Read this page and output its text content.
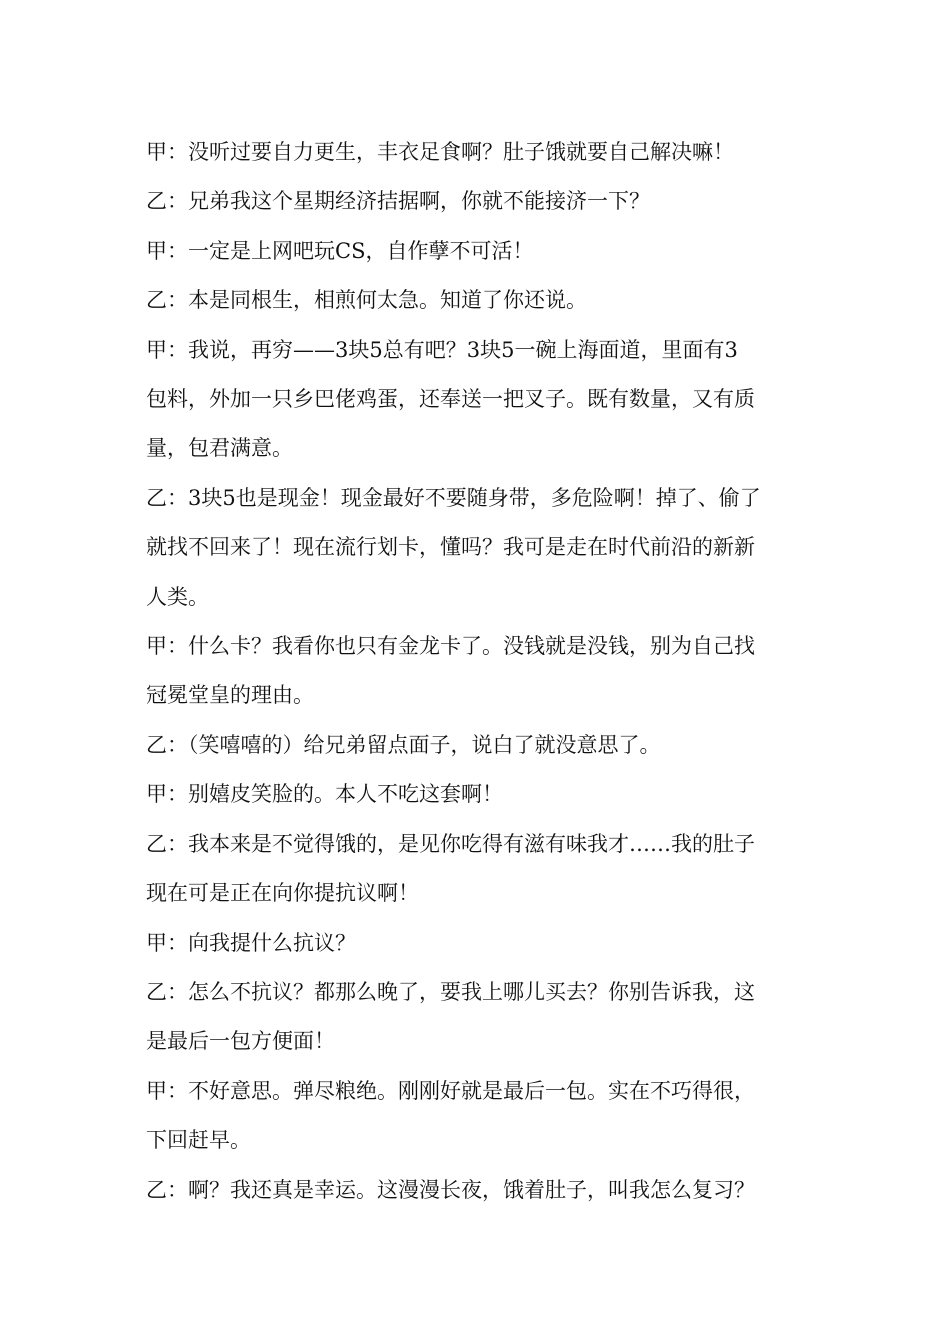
甲：没听过要自力更生，丰衣足食啊？肚子饿就要自己解决嘛！

乙：兄弟我这个星期经济拮据啊，你就不能接济一下？

甲：一定是上网吧玩CS，自作孽不可活！

乙：本是同根生，相煎何太急。知道了你还说。

甲：我说，再穷——3块5总有吧？3块5一碗上海面道，里面有3

包料，外加一只乡巴佬鸡蛋，还奉送一把叉子。既有数量，又有质

量，包君满意。

乙：3块5也是现金！现金最好不要随身带，多危险啊！掉了、偷了

就找不回来了！现在流行划卡，懂吗？我可是走在时代前沿的新新

人类。

甲：什么卡？我看你也只有金龙卡了。没钱就是没钱，别为自己找

冠冕堂皇的理由。

乙：（笑嘻嘻的）给兄弟留点面子，说白了就没意思了。

甲：别嬉皮笑脸的。本人不吃这套啊！

乙：我本来是不觉得饿的，是见你吃得有滋有味我才……我的肚子

现在可是正在向你提抗议啊！

甲：向我提什么抗议？

乙：怎么不抗议？都那么晚了，要我上哪儿买去？你别告诉我，这

是最后一包方便面！

甲：不好意思。弹尽粮绝。刚刚好就是最后一包。实在不巧得很，

下回赶早。

乙：啊？我还真是幸运。这漫漫长夜，饿着肚子，叫我怎么复习？
